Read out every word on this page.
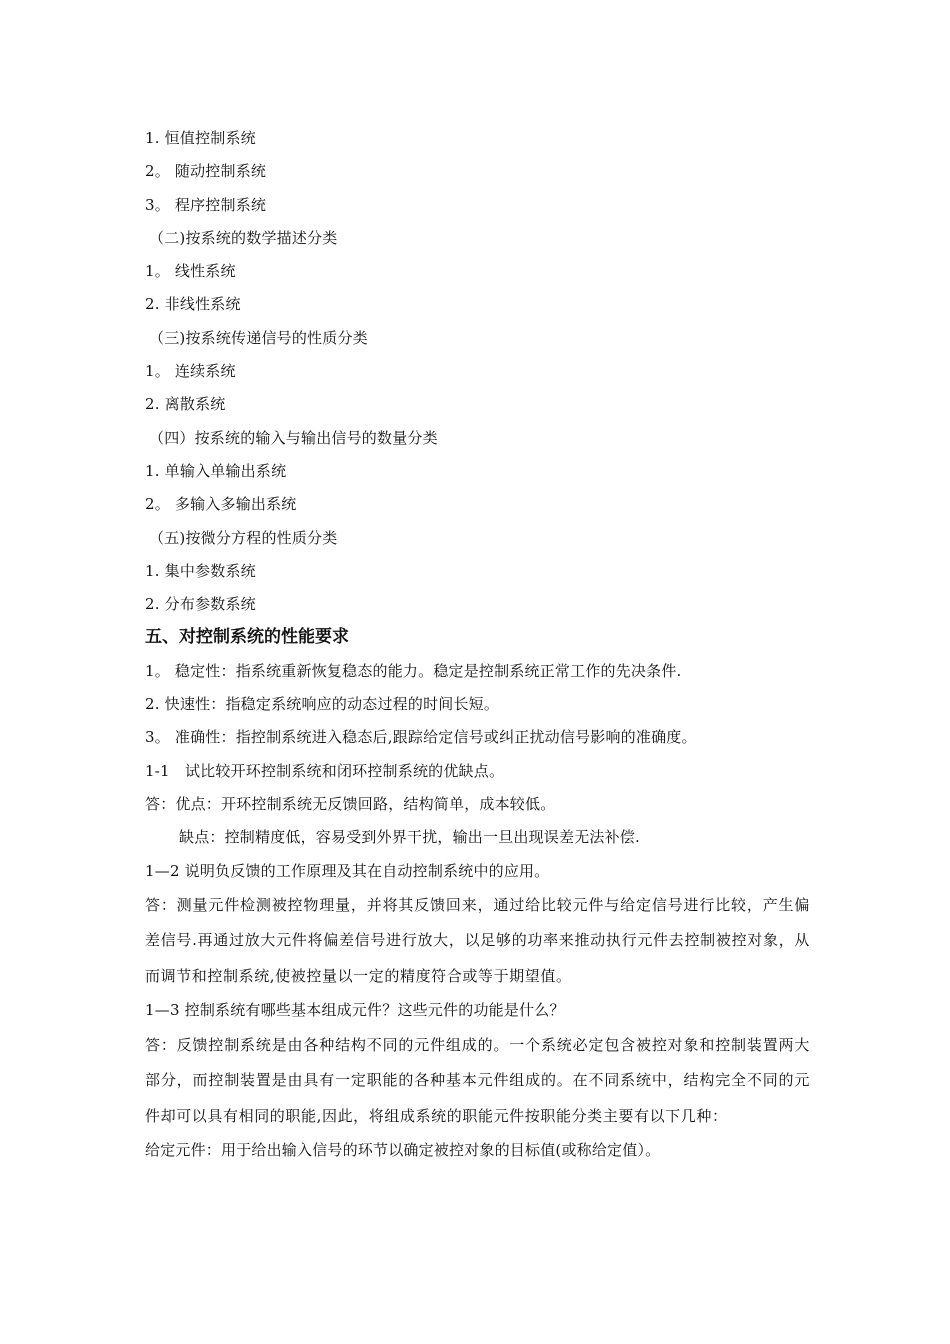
1. 恒值控制系统
2。 随动控制系统
3。 程序控制系统
（二)按系统的数学描述分类
1。 线性系统
2. 非线性系统
（三)按系统传递信号的性质分类
1。 连续系统
2. 离散系统
（四）按系统的输入与输出信号的数量分类
1. 单输入单输出系统
2。 多输入多输出系统
（五)按微分方程的性质分类
1. 集中参数系统
2. 分布参数系统
五、对控制系统的性能要求
1。 稳定性：指系统重新恢复稳态的能力。稳定是控制系统正常工作的先决条件.
2. 快速性：指稳定系统响应的动态过程的时间长短。
3。 准确性：指控制系统进入稳态后,跟踪给定信号或纠正扰动信号影响的准确度。
1-1　试比较开环控制系统和闭环控制系统的优缺点。
答：优点：开环控制系统无反馈回路，结构简单，成本较低。
缺点：控制精度低，容易受到外界干扰，输出一旦出现误差无法补偿.
1—2 说明负反馈的工作原理及其在自动控制系统中的应用。

答：测量元件检测被控物理量，并将其反馈回来，通过给比较元件与给定信号进行比较，产生偏差信号.再通过放大元件将偏差信号进行放大，以足够的功率来推动执行元件去控制被控对象，从而调节和控制系统,使被控量以一定的精度符合或等于期望值。

1—3 控制系统有哪些基本组成元件？这些元件的功能是什么？

答：反馈控制系统是由各种结构不同的元件组成的。一个系统必定包含被控对象和控制装置两大部分，而控制装置是由具有一定职能的各种基本元件组成的。在不同系统中，结构完全不同的元件却可以具有相同的职能,因此，将组成系统的职能元件按职能分类主要有以下几种：

给定元件：用于给出输入信号的环节以确定被控对象的目标值(或称给定值）。
